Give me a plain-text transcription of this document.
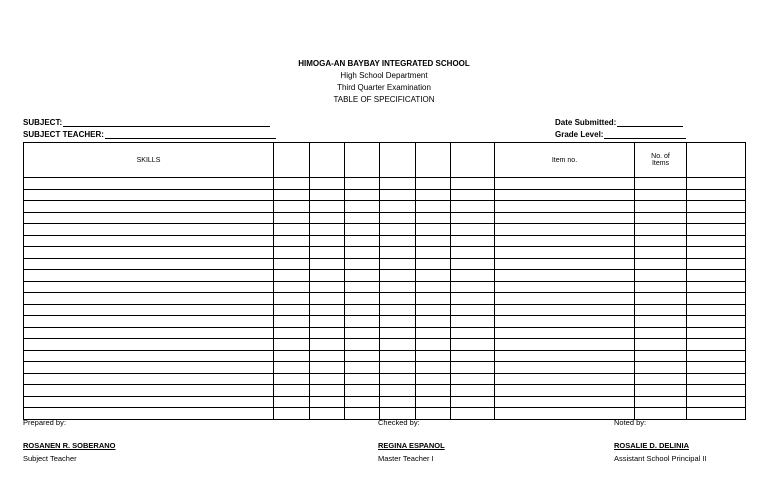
HIMOGA-AN BAYBAY INTEGRATED SCHOOL
High School Department
Third Quarter Examination
TABLE OF SPECIFICATION
SUBJECT:
SUBJECT TEACHER:
Date Submitted:
Grade Level:
SKILLS							Item no.	No. of
Items	

Prepared by:	Checked by:	Noted by:
ROSANEN R. SOBERANO	REGINA ESPANOL	ROSALIE D. DELINIA
Subject Teacher	Master Teacher I	Assistant School Principal II
